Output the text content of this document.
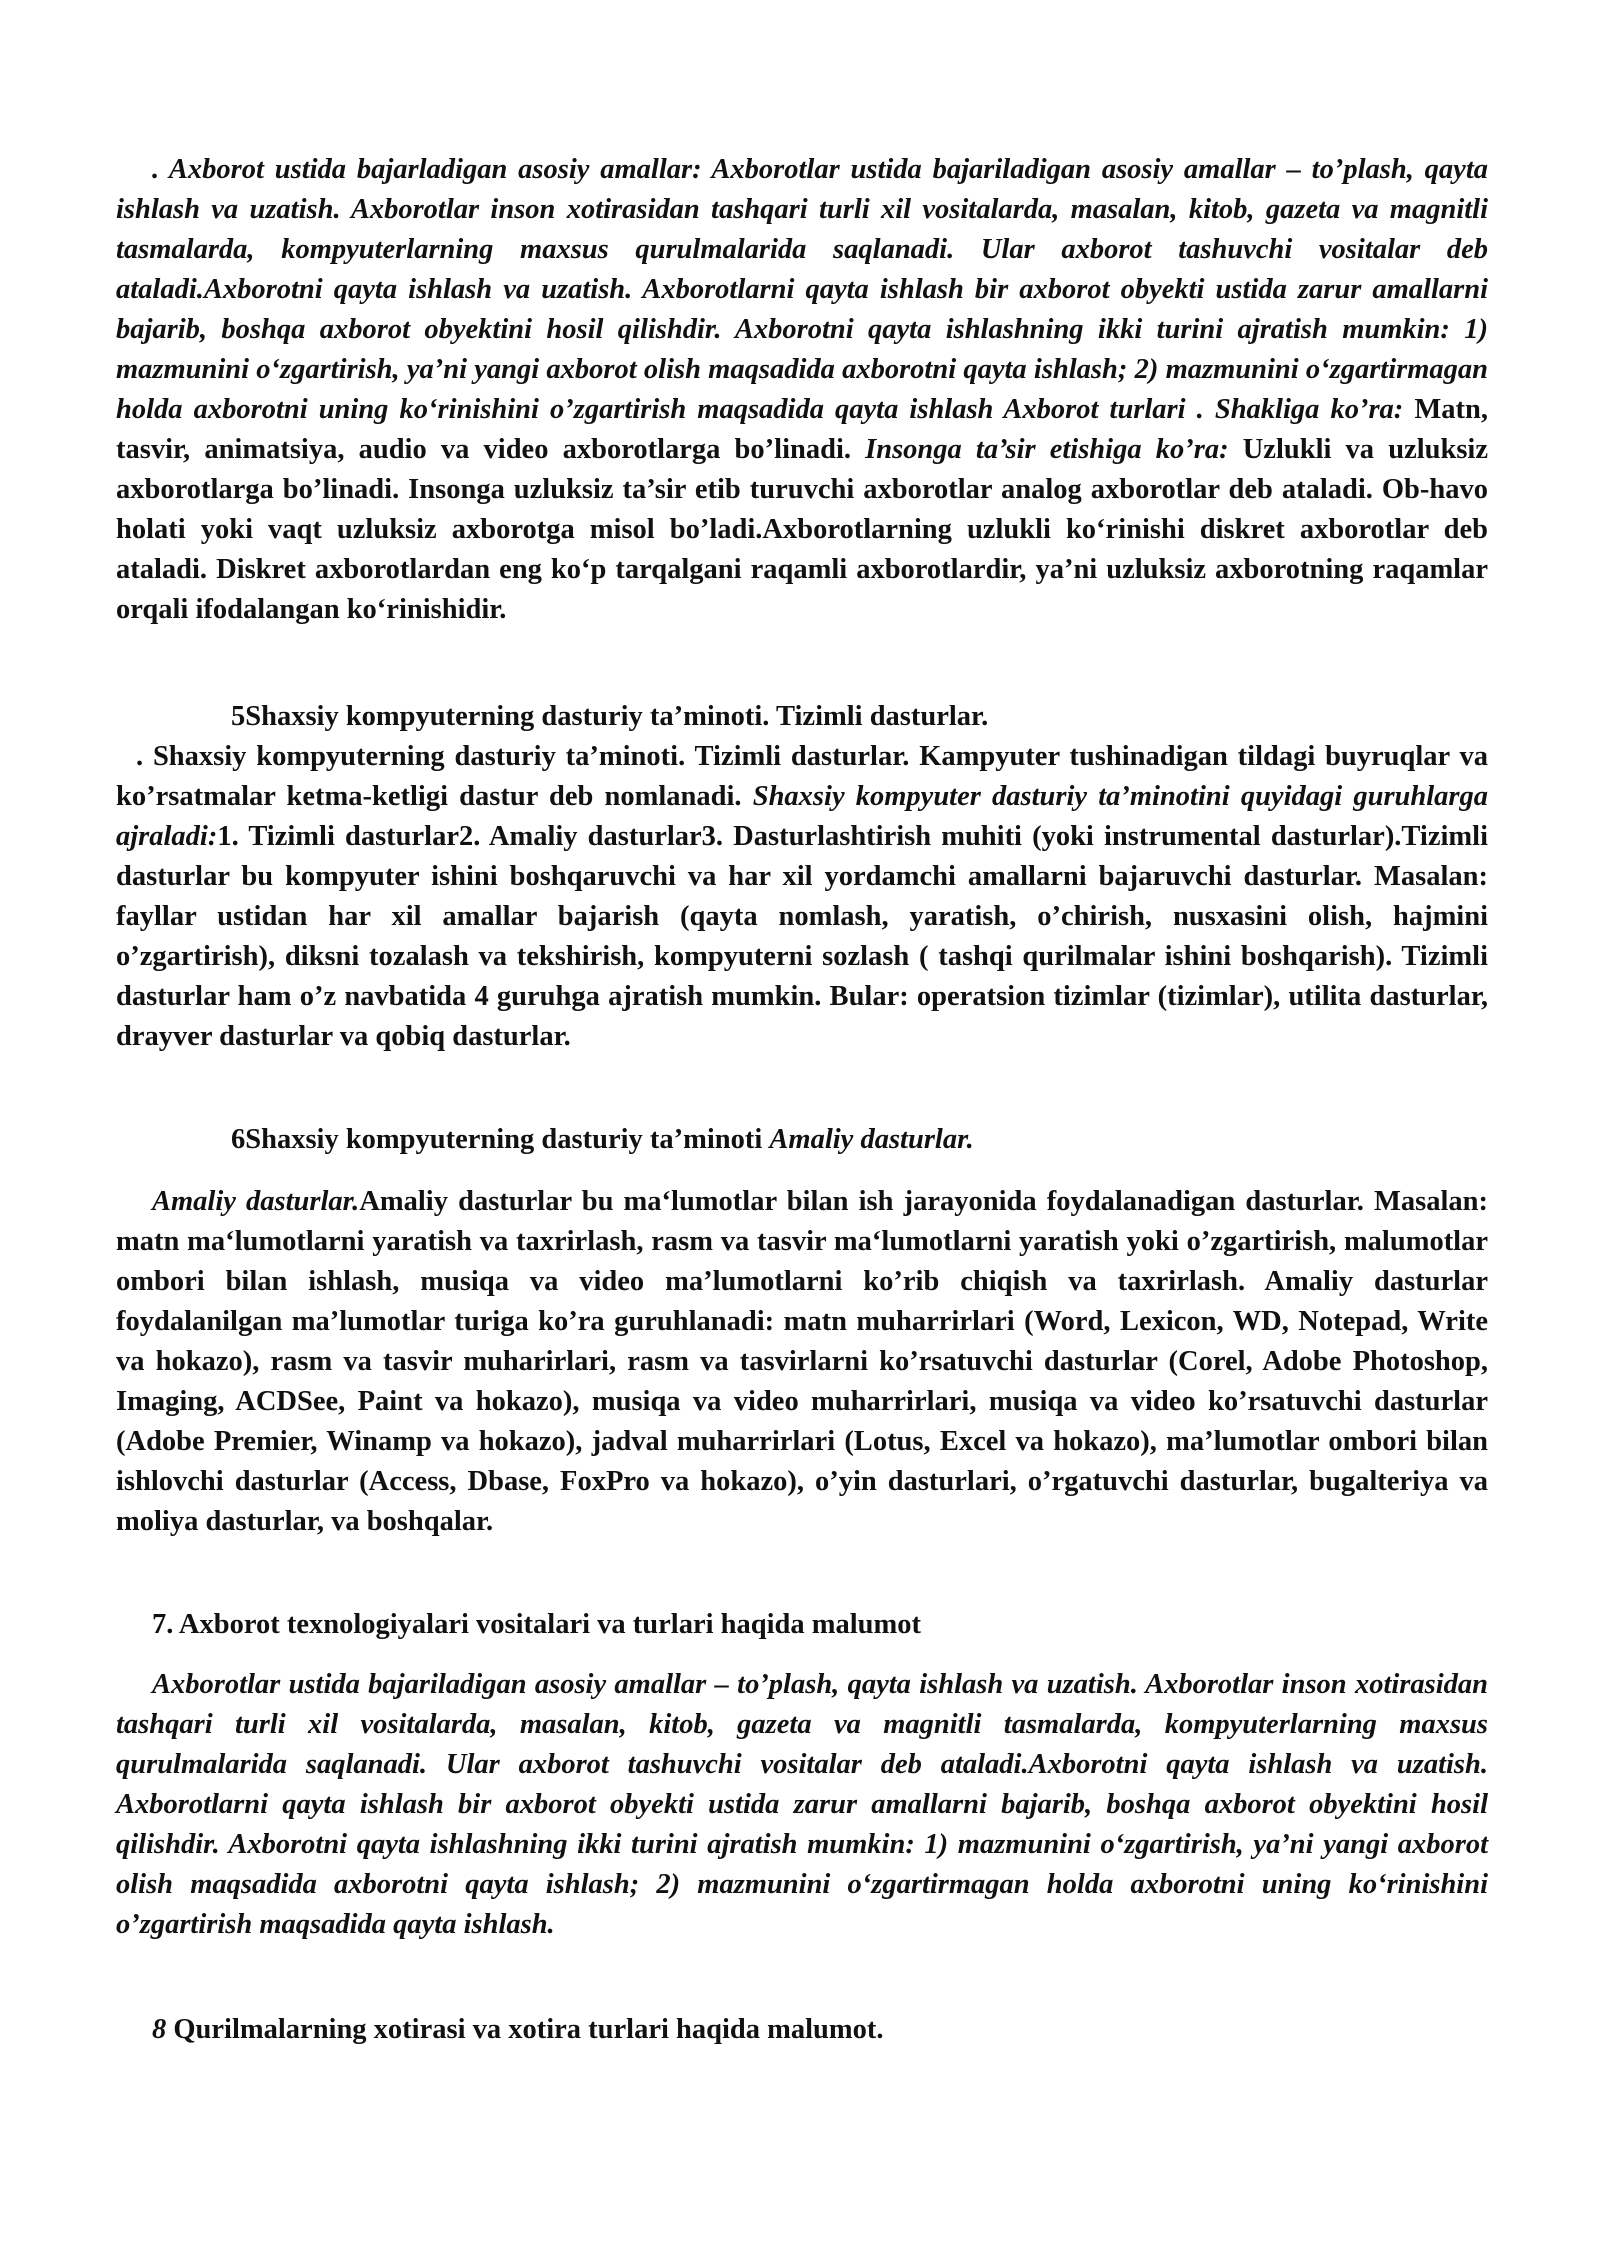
. Axborot ustida bajarladigan asosiy amallar: Axborotlar ustida bajariladigan asosiy amallar – to’plash, qayta ishlash va uzatish. Axborotlar inson xotirasidan tashqari turli xil vositalarda, masalan, kitob, gazeta va magnitli tasmalarda, kompyuterlarning maxsus qurulmalarida saqlanadi. Ular axborot tashuvchi vositalar deb ataladi.Axborotni qayta ishlash va uzatish. Axborotlarni qayta ishlash bir axborot obyekti ustida zarur amallarni bajarib, boshqa axborot obyektini hosil qilishdir. Axborotni qayta ishlashning ikki turini ajratish mumkin: 1) mazmunini o‘zgartirish, ya’ni yangi axborot olish maqsadida axborotni qayta ishlash; 2) mazmunini o‘zgartirmagan holda axborotni uning ko‘rinishini o’zgartirish maqsadida qayta ishlash Axborot turlari . Shakliga ko’ra: Matn, tasvir, animatsiya, audio va video axborotlarga bo’linadi. Insonga ta’sir etishiga ko’ra: Uzlukli va uzluksiz axborotlarga bo’linadi. Insonga uzluksiz ta’sir etib turuvchi axborotlar analog axborotlar deb ataladi. Ob-havo holati yoki vaqt uzluksiz axborotga misol bo’ladi.Axborotlarning uzlukli ko‘rinishi diskret axborotlar deb ataladi. Diskret axborotlardan eng ko‘p tarqalgani raqamli axborotlardir, ya’ni uzluksiz axborotning raqamlar orqali ifodalangan ko‘rinishidir.

5Shaxsiy kompyuterning dasturiy ta’minoti. Tizimli dasturlar.

. Shaxsiy kompyuterning dasturiy ta’minoti. Tizimli dasturlar. Kampyuter tushinadigan tildagi buyruqlar va ko’rsatmalar ketma-ketligi dastur deb nomlanadi. Shaxsiy kompyuter dasturiy ta’minotini quyidagi guruhlarga ajraladi:1. Tizimli dasturlar2. Amaliy dasturlar3. Dasturlashtirish muhiti (yoki instrumental dasturlar).Tizimli dasturlar bu kompyuter ishini boshqaruvchi va har xil yordamchi amallarni bajaruvchi dasturlar. Masalan: fayllar ustidan har xil amallar bajarish (qayta nomlash, yaratish, o’chirish, nusxasini olish, hajmini o’zgartirish), diksni tozalash va tekshirish, kompyuterni sozlash ( tashqi qurilmalar ishini boshqarish). Tizimli dasturlar ham o’z navbatida 4 guruhga ajratish mumkin. Bular: operatsion tizimlar (tizimlar), utilita dasturlar, drayver dasturlar va qobiq dasturlar.

6Shaxsiy kompyuterning dasturiy ta’minoti Amaliy dasturlar.

Amaliy dasturlar.Amaliy dasturlar bu ma‘lumotlar bilan ish jarayonida foydalanadigan dasturlar. Masalan: matn ma‘lumotlarni yaratish va taxrirlash, rasm va tasvir ma‘lumotlarni yaratish yoki o’zgartirish, malumotlar ombori bilan ishlash, musiqa va video ma’lumotlarni ko’rib chiqish va taxrirlash. Amaliy dasturlar foydalanilgan ma’lumotlar turiga ko’ra guruhlanadi: matn muharrirlari (Word, Lexicon, WD, Notepad, Write va hokazo), rasm va tasvir muharirlari, rasm va tasvirlarni ko’rsatuvchi dasturlar (Corel, Adobe Photoshop, Imaging, ACDSee, Paint va hokazo), musiqa va video muharrirlari, musiqa va video ko’rsatuvchi dasturlar (Adobe Premier, Winamp va hokazo), jadval muharrirlari (Lotus, Excel va hokazo), ma’lumotlar ombori bilan ishlovchi dasturlar (Access, Dbase, FoxPro va hokazo), o’yin dasturlari, o’rgatuvchi dasturlar, bugalteriya va moliya dasturlar, va boshqalar.

7. Axborot texnologiyalari vositalari va turlari haqida malumot

Axborotlar ustida bajariladigan asosiy amallar – to’plash, qayta ishlash va uzatish. Axborotlar inson xotirasidan tashqari turli xil vositalarda, masalan, kitob, gazeta va magnitli tasmalarda, kompyuterlarning maxsus qurulmalarida saqlanadi. Ular axborot tashuvchi vositalar deb ataladi.Axborotni qayta ishlash va uzatish. Axborotlarni qayta ishlash bir axborot obyekti ustida zarur amallarni bajarib, boshqa axborot obyektini hosil qilishdir. Axborotni qayta ishlashning ikki turini ajratish mumkin: 1) mazmunini o‘zgartirish, ya’ni yangi axborot olish maqsadida axborotni qayta ishlash; 2) mazmunini o‘zgartirmagan holda axborotni uning ko‘rinishini o’zgartirish maqsadida qayta ishlash.

8 Qurilmalarning xotirasi va xotira turlari haqida malumot.
